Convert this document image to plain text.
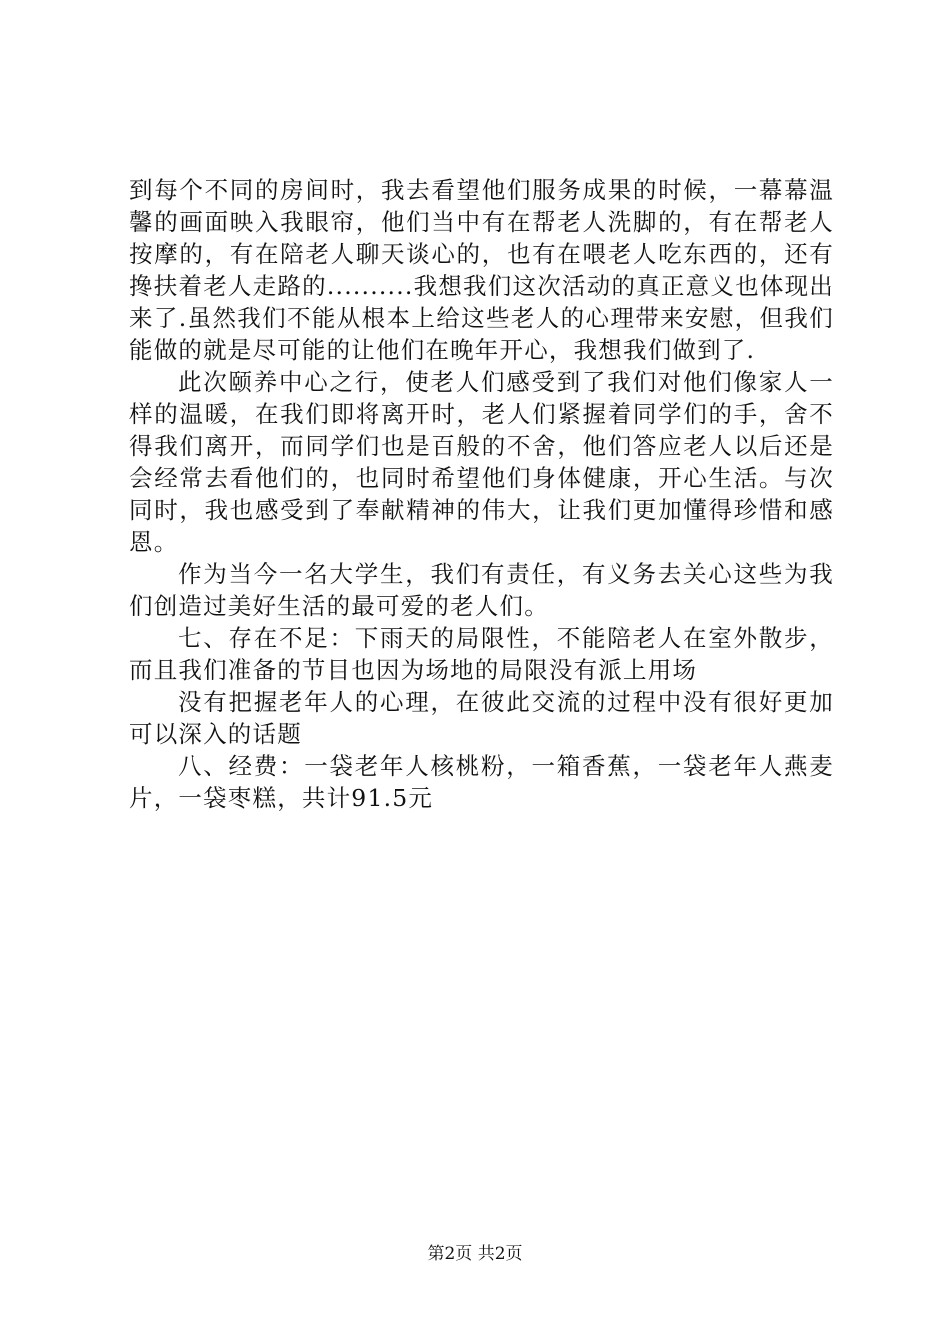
到每个不同的房间时，我去看望他们服务成果的时候，一幕幕温馨的画面映入我眼帘，他们当中有在帮老人洗脚的，有在帮老人按摩的，有在陪老人聊天谈心的，也有在喂老人吃东西的，还有搀扶着老人走路的..........我想我们这次活动的真正意义也体现出来了.虽然我们不能从根本上给这些老人的心理带来安慰，但我们能做的就是尽可能的让他们在晚年开心，我想我们做到了.

此次颐养中心之行，使老人们感受到了我们对他们像家人一样的温暖，在我们即将离开时，老人们紧握着同学们的手，舍不得我们离开，而同学们也是百般的不舍，他们答应老人以后还是会经常去看他们的，也同时希望他们身体健康，开心生活。与次同时，我也感受到了奉献精神的伟大，让我们更加懂得珍惜和感恩。

作为当今一名大学生，我们有责任，有义务去关心这些为我们创造过美好生活的最可爱的老人们。

七、存在不足：下雨天的局限性，不能陪老人在室外散步，而且我们准备的节目也因为场地的局限没有派上用场

没有把握老年人的心理，在彼此交流的过程中没有很好更加可以深入的话题

八、经费：一袋老年人核桃粉，一箱香蕉，一袋老年人燕麦片，一袋枣糕，共计91.5元

第2页 共2页
